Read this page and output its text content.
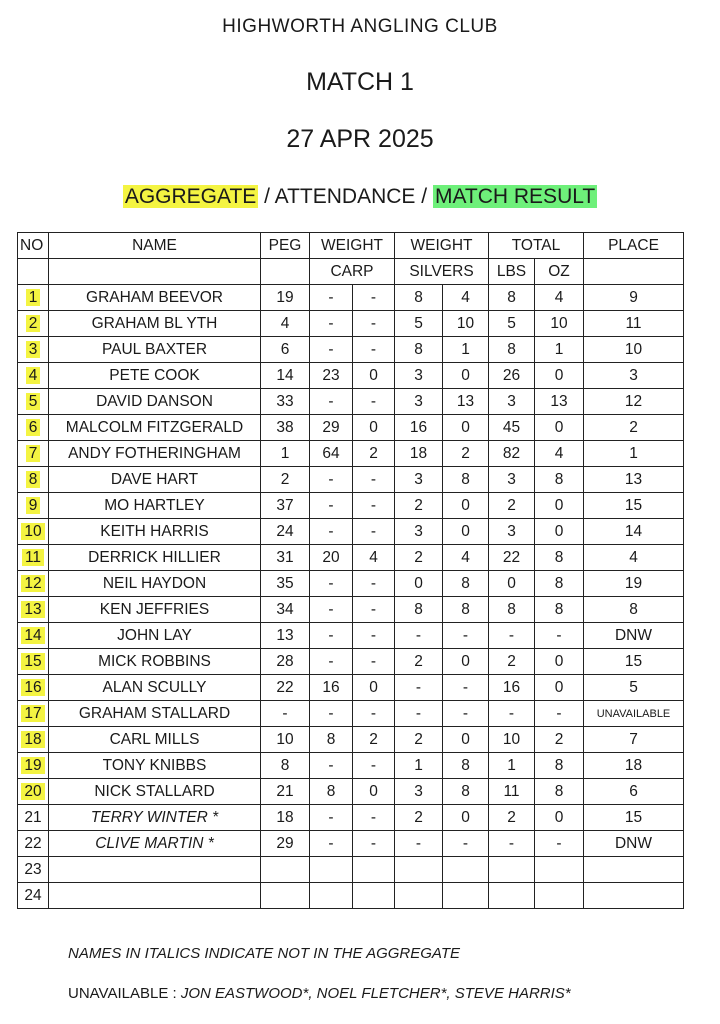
HIGHWORTH ANGLING CLUB
MATCH 1
27 APR 2025
AGGREGATE / ATTENDANCE / MATCH RESULT
NO	NAME	PEG	WEIGHT		WEIGHT		TOTAL		PLACE
			CARP		SILVERS		LBS	OZ	
1	GRAHAM BEEVOR	19	-	-	8	4	8	4	9
2	GRAHAM BL YTH	4	-	-	5	10	5	10	11
3	PAUL BAXTER	6	-	-	8	1	8	1	10
4	PETE COOK	14	23	0	3	0	26	0	3
5	DAVID DANSON	33	-	-	3	13	3	13	12
6	MALCOLM FITZGERALD	38	29	0	16	0	45	0	2
7	ANDY FOTHERINGHAM	1	64	2	18	2	82	4	1
8	DAVE HART	2	-	-	3	8	3	8	13
9	MO HARTLEY	37	-	-	2	0	2	0	15
10	KEITH HARRIS	24	-	-	3	0	3	0	14
11	DERRICK HILLIER	31	20	4	2	4	22	8	4
12	NEIL HAYDON	35	-	-	0	8	0	8	19
13	KEN JEFFRIES	34	-	-	8	8	8	8	8
14	JOHN LAY	13	-	-	-	-	-	-	DNW
15	MICK ROBBINS	28	-	-	2	0	2	0	15
16	ALAN SCULLY	22	16	0	-	-	16	0	5
17	GRAHAM STALLARD	-	-	-	-	-	-	-	UNAVAILABLE
18	CARL MILLS	10	8	2	2	0	10	2	7
19	TONY KNIBBS	8	-	-	1	8	1	8	18
20	NICK STALLARD	21	8	0	3	8	11	8	6
21	TERRY WINTER *	18	-	-	2	0	2	0	15
22	CLIVE MARTIN *	29	-	-	-	-	-	-	DNW
23									
24									
NAMES IN ITALICS INDICATE NOT IN THE AGGREGATE
UNAVAILABLE : JON EASTWOOD*, NOEL FLETCHER*, STEVE HARRIS*
